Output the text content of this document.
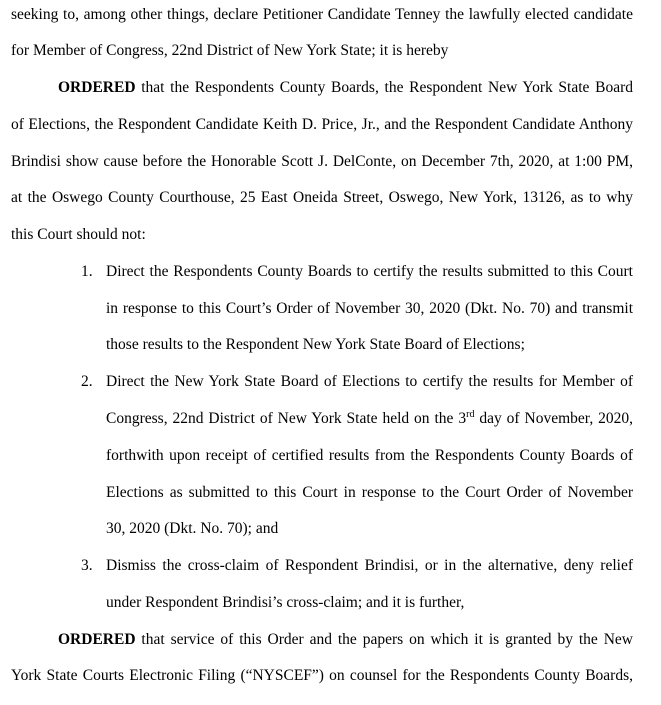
seeking to, among other things, declare Petitioner Candidate Tenney the lawfully elected candidate
for Member of Congress, 22nd District of New York State; it is hereby
ORDERED that the Respondents County Boards, the Respondent New York State Board
of Elections, the Respondent Candidate Keith D. Price, Jr., and the Respondent Candidate Anthony
Brindisi show cause before the Honorable Scott J. DelConte, on December 7th, 2020, at 1:00 PM,
at the Oswego County Courthouse, 25 East Oneida Street, Oswego, New York, 13126, as to why
this Court should not:
1. Direct the Respondents County Boards to certify the results submitted to this Court
in response to this Court’s Order of November 30, 2020 (Dkt. No. 70) and transmit
those results to the Respondent New York State Board of Elections;
2. Direct the New York State Board of Elections to certify the results for Member of
Congress, 22nd District of New York State held on the 3rd day of November, 2020,
forthwith upon receipt of certified results from the Respondents County Boards of
Elections as submitted to this Court in response to the Court Order of November
30, 2020 (Dkt. No. 70); and
3. Dismiss the cross-claim of Respondent Brindisi, or in the alternative, deny relief
under Respondent Brindisi’s cross-claim; and it is further,
ORDERED that service of this Order and the papers on which it is granted by the New
York State Courts Electronic Filing (“NYSCEF”) on counsel for the Respondents County Boards,
